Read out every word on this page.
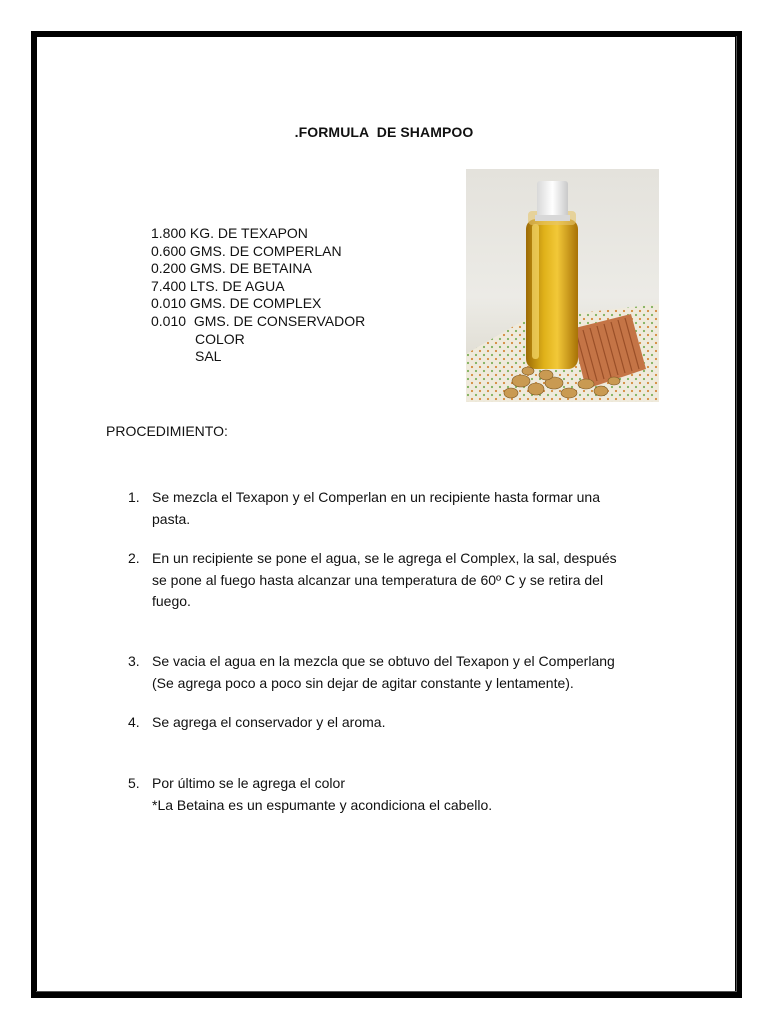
.FORMULA  DE SHAMPOO
1.800 KG. DE TEXAPON
0.600 GMS. DE COMPERLAN
0.200 GMS. DE BETAINA
7.400 LTS. DE AGUA
0.010 GMS. DE COMPLEX
0.010  GMS. DE CONSERVADOR
COLOR
SAL
PROCEDIMIENTO:
1. Se mezcla el Texapon y el Comperlan en un recipiente hasta formar una
pasta.
2. En un recipiente se pone el agua, se le agrega el Complex, la sal, después
se pone al fuego hasta alcanzar una temperatura de 60º C y se retira del
fuego.
3. Se vacia el agua en la mezcla que se obtuvo del Texapon y el Comperlang
(Se agrega poco a poco sin dejar de agitar constante y lentamente).
4. Se agrega el conservador y el aroma.
5. Por último se le agrega el color
*La Betaina es un espumante y acondiciona el cabello.
